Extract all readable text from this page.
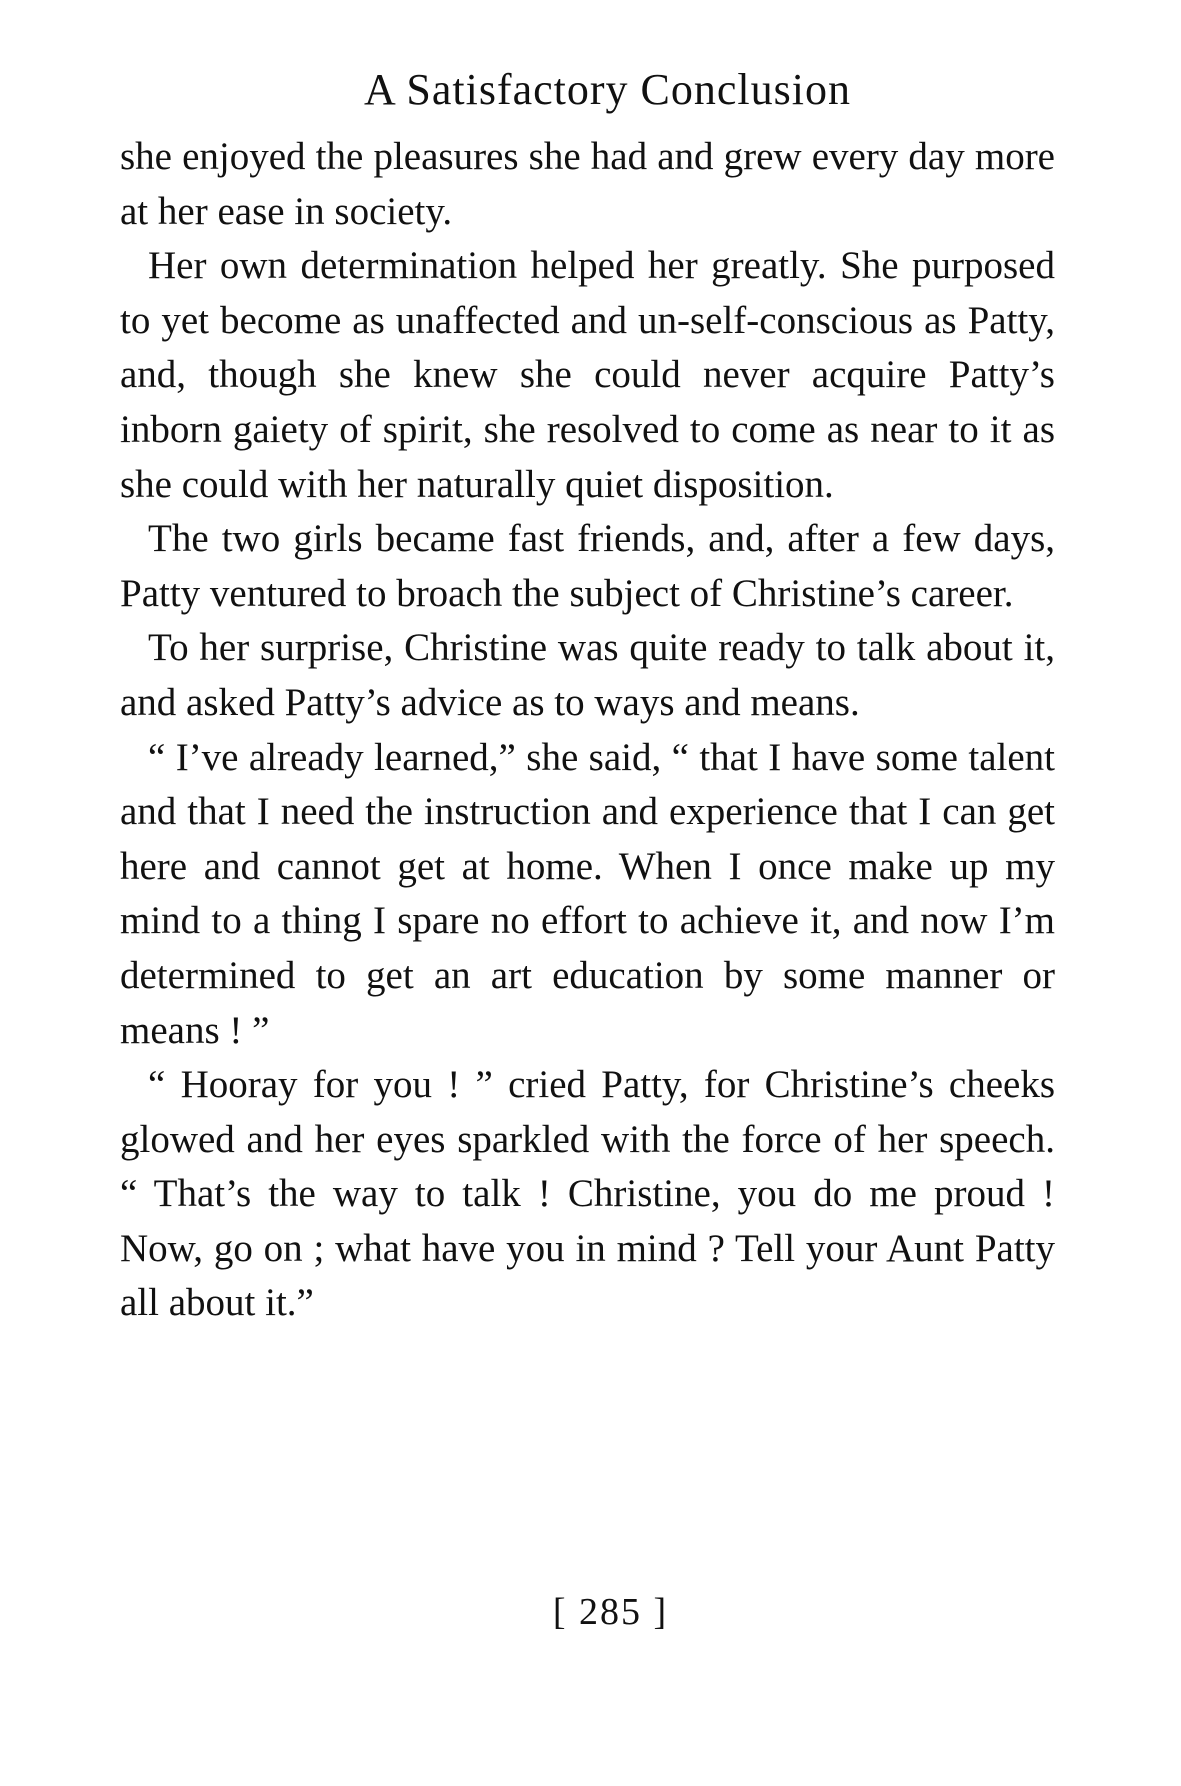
A Satisfactory Conclusion

she enjoyed the pleasures she had and grew every day more at her ease in society.

Her own determination helped her greatly. She purposed to yet become as unaffected and un-self-conscious as Patty, and, though she knew she could never acquire Patty’s inborn gaiety of spirit, she resolved to come as near to it as she could with her naturally quiet disposition.

The two girls became fast friends, and, after a few days, Patty ventured to broach the subject of Christine’s career.

To her surprise, Christine was quite ready to talk about it, and asked Patty’s advice as to ways and means.

“ I’ve already learned,” she said, “ that I have some talent and that I need the instruction and experience that I can get here and cannot get at home. When I once make up my mind to a thing I spare no effort to achieve it, and now I’m determined to get an art education by some manner or means ! ”

“ Hooray for you ! ” cried Patty, for Christine’s cheeks glowed and her eyes sparkled with the force of her speech. “ That’s the way to talk ! Christine, you do me proud ! Now, go on ; what have you in mind ? Tell your Aunt Patty all about it.”

[ 285 ]
